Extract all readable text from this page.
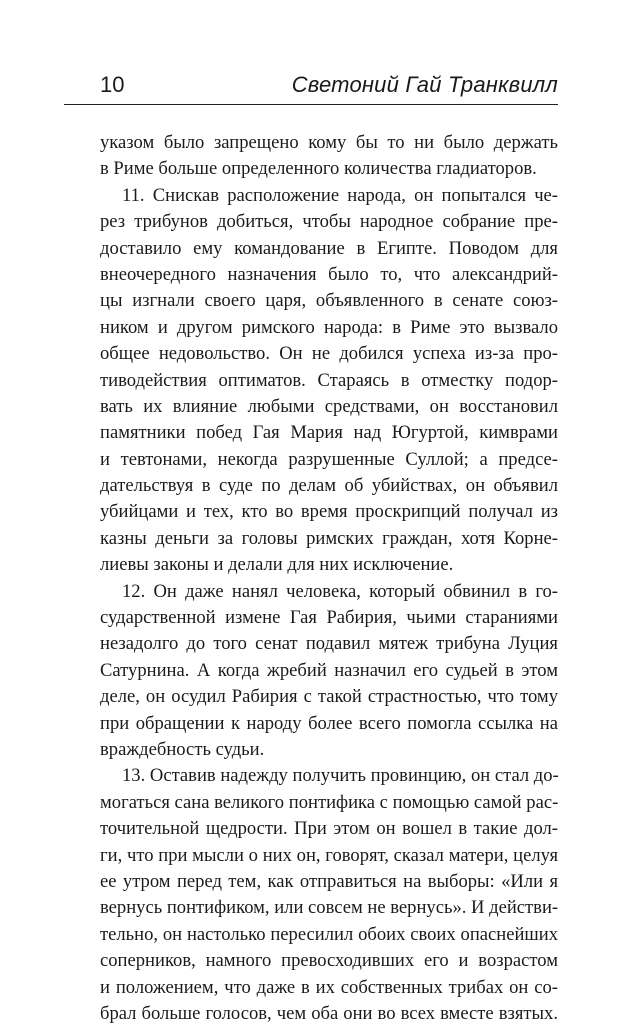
10	Светоний Гай Транквилл
указом было запрещено кому бы то ни было держать
в Риме больше определенного количества гладиаторов.
11. Снискав расположение народа, он попытался че-
рез трибунов добиться, чтобы народное собрание пре-
доставило ему командование в Египте. Поводом для
внеочередного назначения было то, что александрий-
цы изгнали своего царя, объявленного в сенате союз-
ником и другом римского народа: в Риме это вызвало
общее недовольство. Он не добился успеха из-за про-
тиводействия оптиматов. Стараясь в отместку подор-
вать их влияние любыми средствами, он восстановил
памятники побед Гая Мария над Югуртой, кимврами
и тевтонами, некогда разрушенные Суллой; а предсе-
дательствуя в суде по делам об убийствах, он объявил
убийцами и тех, кто во время проскрипций получал из
казны деньги за головы римских граждан, хотя Корне-
лиевы законы и делали для них исключение.
12. Он даже нанял человека, который обвинил в го-
сударственной измене Гая Рабирия, чьими стараниями
незадолго до того сенат подавил мятеж трибуна Луция
Сатурнина. А когда жребий назначил его судьей в этом
деле, он осудил Рабирия с такой страстностью, что тому
при обращении к народу более всего помогла ссылка на
враждебность судьи.
13. Оставив надежду получить провинцию, он стал до-
могаться сана великого понтифика с помощью самой рас-
точительной щедрости. При этом он вошел в такие дол-
ги, что при мысли о них он, говорят, сказал матери, целуя
ее утром перед тем, как отправиться на выборы: «Или я
вернусь понтификом, или совсем не вернусь». И действи-
тельно, он настолько пересилил обоих своих опаснейших
соперников, намного превосходивших его и возрастом
и положением, что даже в их собственных трибах он со-
брал больше голосов, чем оба они во всех вместе взятых.
